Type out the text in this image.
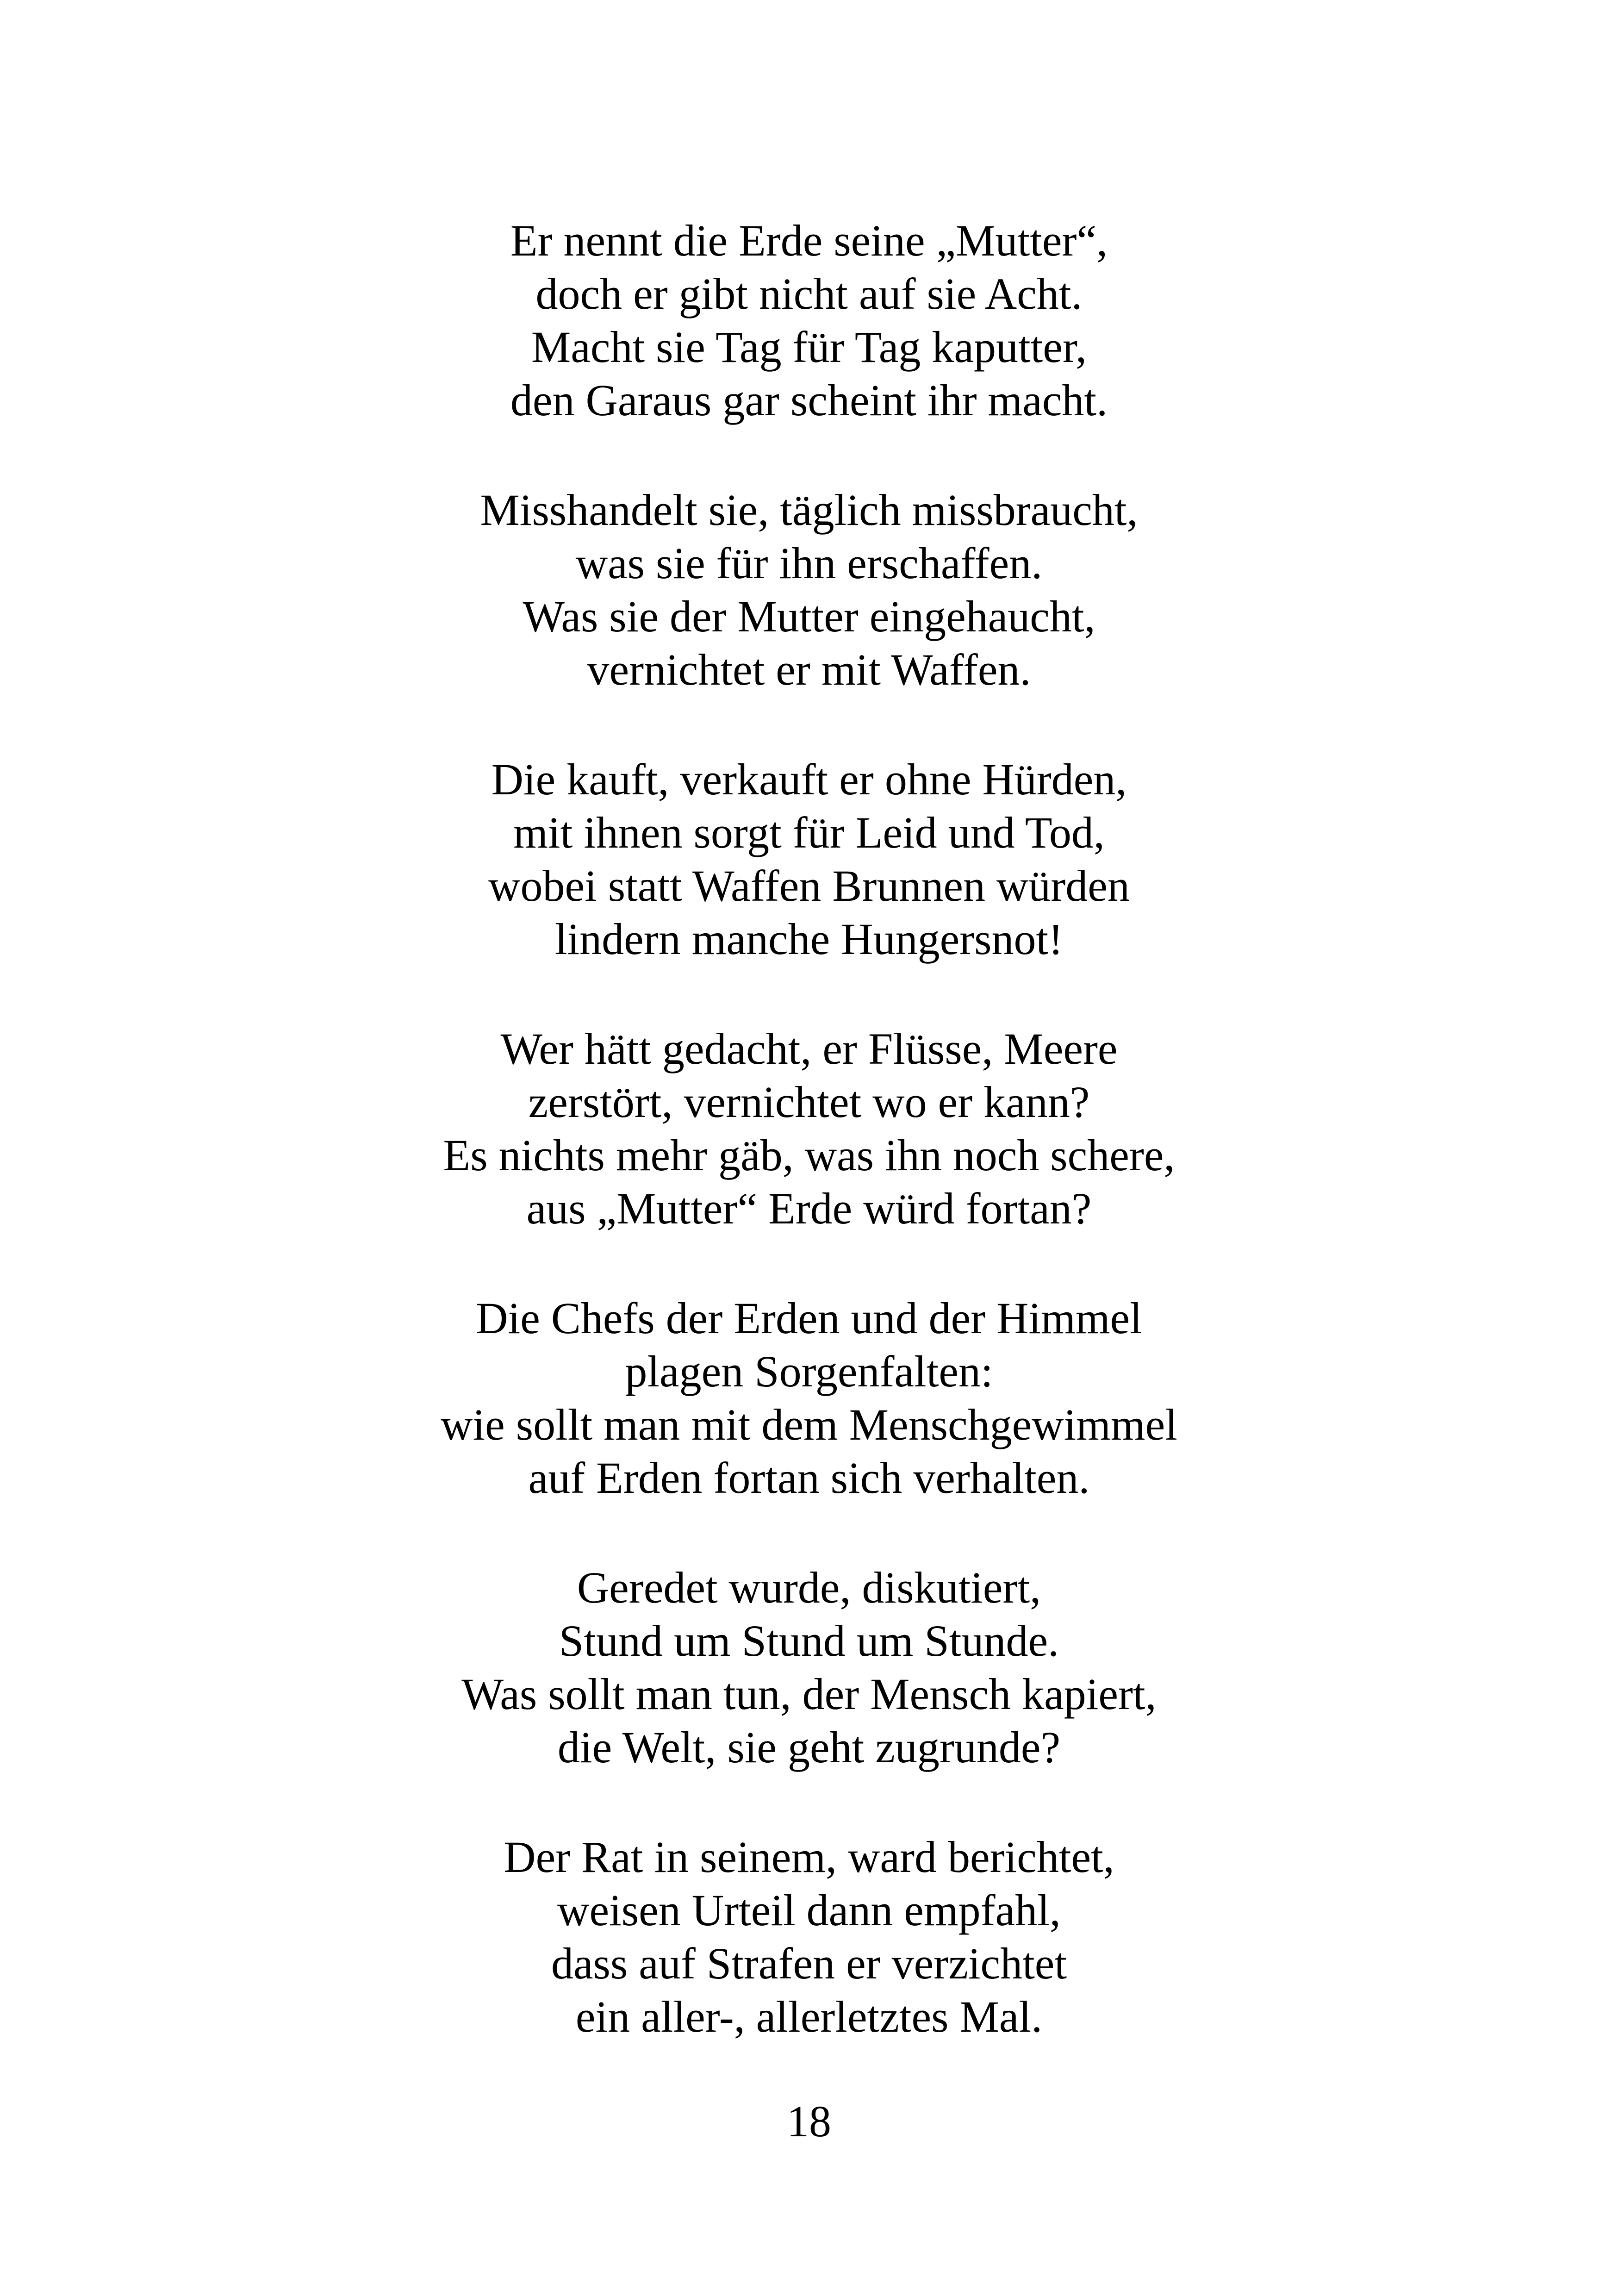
Er nennt die Erde seine „Mutter“,
doch er gibt nicht auf sie Acht.
Macht sie Tag für Tag kaputter,
den Garaus gar scheint ihr macht.
Misshandelt sie, täglich missbraucht,
was sie für ihn erschaffen.
Was sie der Mutter eingehaucht,
vernichtet er mit Waffen.
Die kauft, verkauft er ohne Hürden,
mit ihnen sorgt für Leid und Tod,
wobei statt Waffen Brunnen würden
lindern manche Hungersnot!
Wer hätt gedacht, er Flüsse, Meere
zerstört, vernichtet wo er kann?
Es nichts mehr gäb, was ihn noch schere,
aus „Mutter“ Erde würd fortan?
Die Chefs der Erden und der Himmel
plagen Sorgenfalten:
wie sollt man mit dem Menschgewimmel
auf Erden fortan sich verhalten.
Geredet wurde, diskutiert,
Stund um Stund um Stunde.
Was sollt man tun, der Mensch kapiert,
die Welt, sie geht zugrunde?
Der Rat in seinem, ward berichtet,
weisen Urteil dann empfahl,
dass auf Strafen er verzichtet
ein aller-, allerletztes Mal.
18
